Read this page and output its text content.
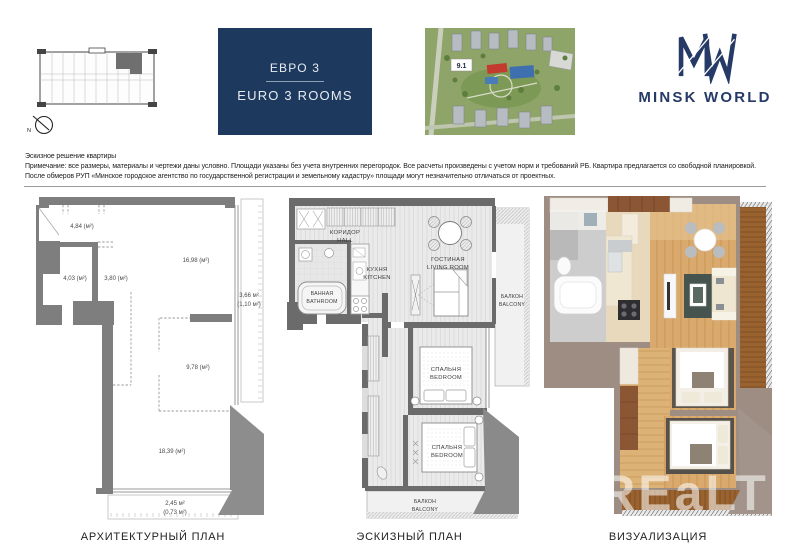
N
ЕВРО 3
EURO 3 ROOMS
9.1
MINSK WORLD
Эскизное решение квартиры
Примечание: все размеры, материалы и чертежи даны условно. Площади указаны без учета внутренних перегородок. Все расчеты произведены с учетом норм и требований РБ. Квартира предлагается со свободной планировкой.
После обмеров РУП «Минское городское агентство по государственной регистрации и земельному кадастру» площади могут незначительно отличаться от проектных.
4,84 (м²)
16,98 (м²)
4,03 (м²)	3,80 (м²)
9,78 (м²)
18,39 (м²)
3,66 м²
(1,10 м²)
2,45 м²
(0,73 м²)
КОРИДОР
HALL
ВАННАЯ
BATHROOM
КУХНЯ
KITCHEN
ГОСТИНАЯ
LIVING ROOM
БАЛКОН
BALCONY
СПАЛЬНЯ
BEDROOM
СПАЛЬНЯ
BEDROOM
БАЛКОН
BALCONY	REaLT
АРХИТЕКТУРНЫЙ ПЛАН	ЭСКИЗНЫЙ ПЛАН	ВИЗУАЛИЗАЦИЯ
